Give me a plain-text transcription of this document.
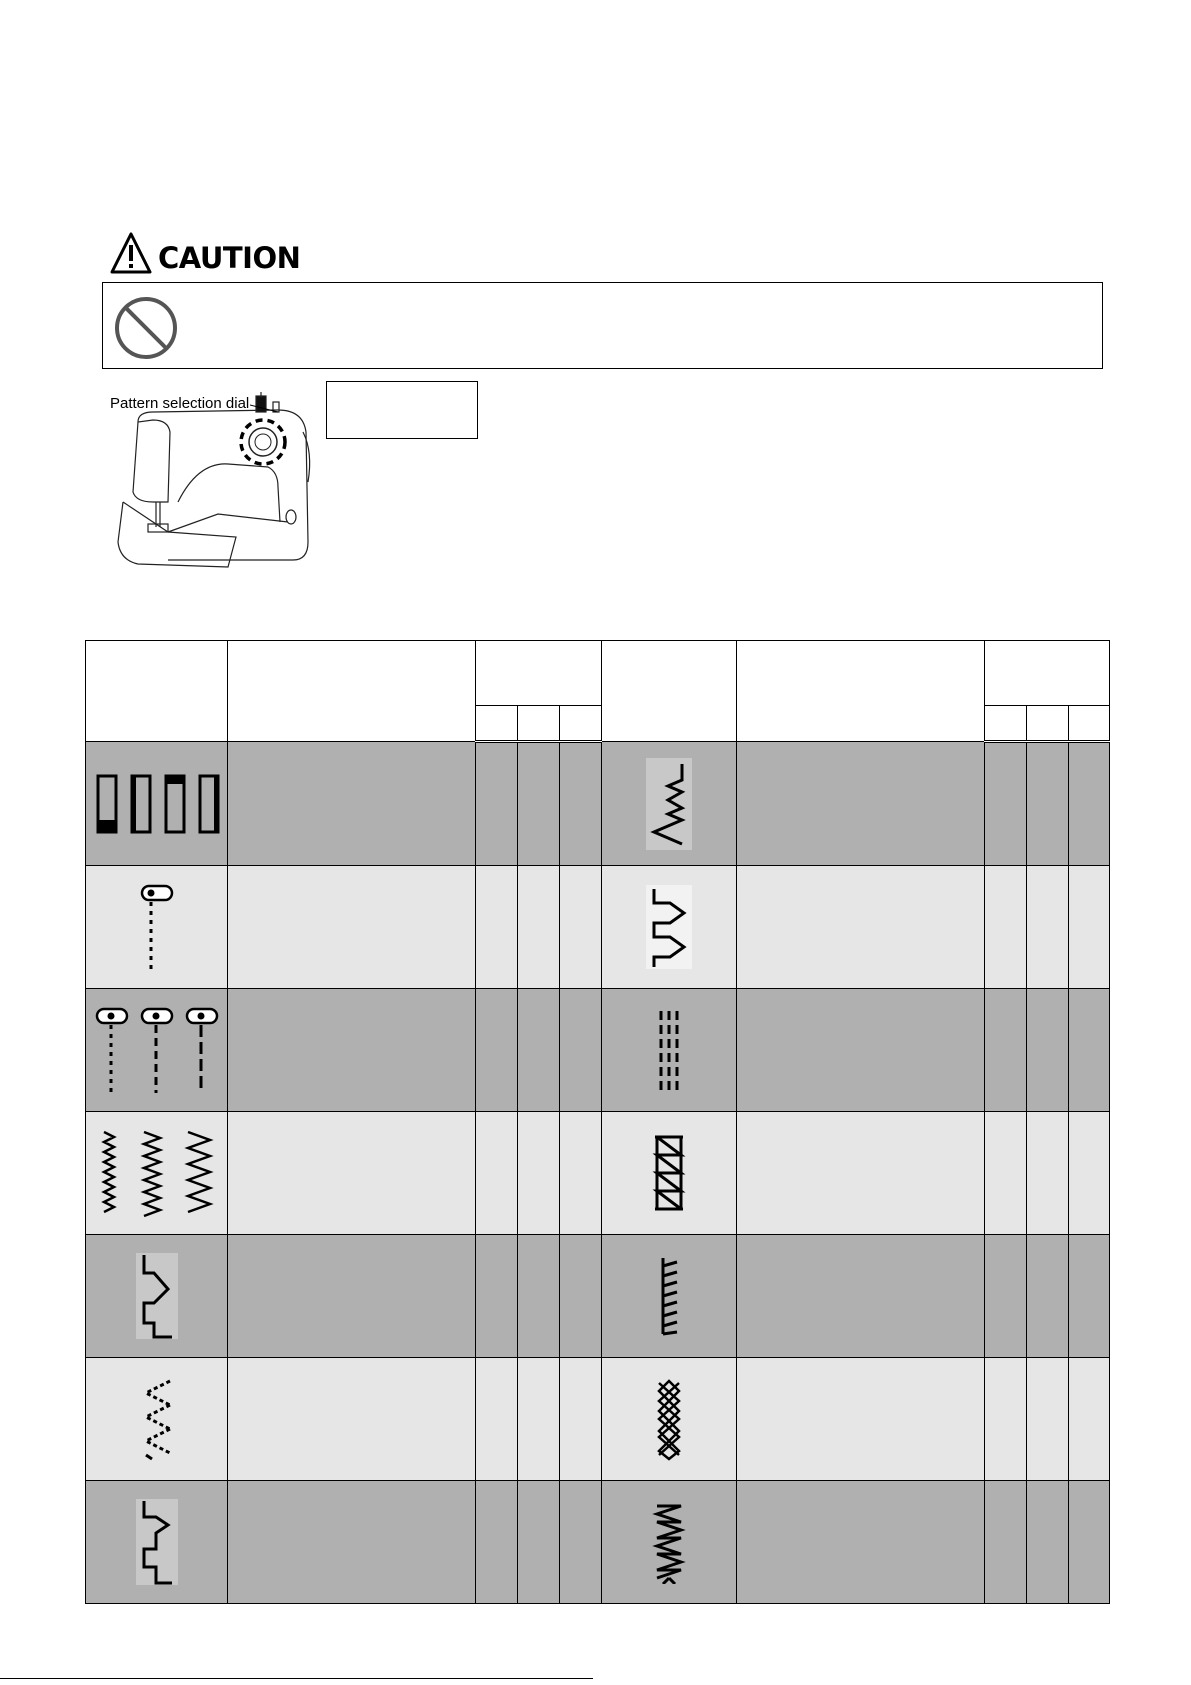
CAUTION
Pattern selection dial
